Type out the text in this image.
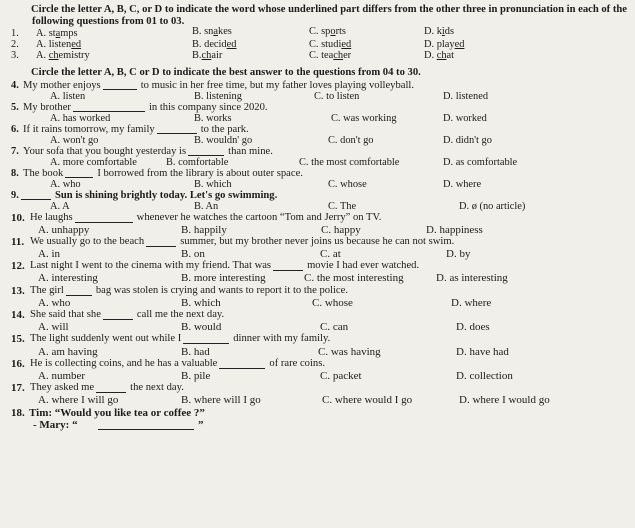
Circle the letter A, B, C, or D to indicate the word whose underlined part differs from the other three in pronunciation in each of the following questions from 01 to 03.

1. A. stamps	B. snakes	C. sports	D. kids
2. A. listened	B. decided	C. studied	D. played
3. A. chemistry	B.chair	C. teacher	D. chat

Circle the letter A, B, C or D to indicate the best answer to the questions from 04 to 30.

4. My mother enjoys	to music in her free time, but my father loves playing volleyball.
A. listen	B. listening	C. to listen	D. listened
5. My brother	in this company since 2020.
A. has worked	B. works	C. was working	D. worked
6. If it rains tomorrow, my family	to the park.
A. won't go	B. wouldn' go	C. don't go	D. didn't go
7. Your sofa that you bought yesterday is	than mine.
A. more comfortable	B. comfortable	C. the most comfortable	D. as comfortable
8. The book	I borrowed from the library is about outer space.
A. who	B. which	C. whose	D. where
9.	Sun is shining brightly today. Let's go swimming.
A. A	B. An	C. The	D. ø (no article)
10. He laughs	whenever he watches the cartoon “Tom and Jerry” on TV.
A. unhappy	B. happily	C. happy	D. happiness
11. We usually go to the beach	summer, but my brother never joins us because he can not swim.
A. in	B. on	C. at	D. by
12. Last night I went to the cinema with my friend. That was	movie I had ever watched.
A. interesting	B. more interesting	C. the most interesting	D. as interesting
13. The girl	bag was stolen is crying and wants to report it to the police.
A. who	B. which	C. whose	D. where
14. She said that she	call me the next day.
A. will	B. would	C. can	D. does
15. The light suddenly went out while I	dinner with my family.
A. am having	B. had	C. was having	D. have had
16. He is collecting coins, and he has a valuable	of rare coins.
A. number	B. pile	C. packet	D. collection
17. They asked me	the next day.
A. where I will go	B. where will I go	C. where would I go	D. where I would go
18. Tim: “Would you like tea or coffee ?”
- Mary: “	”
